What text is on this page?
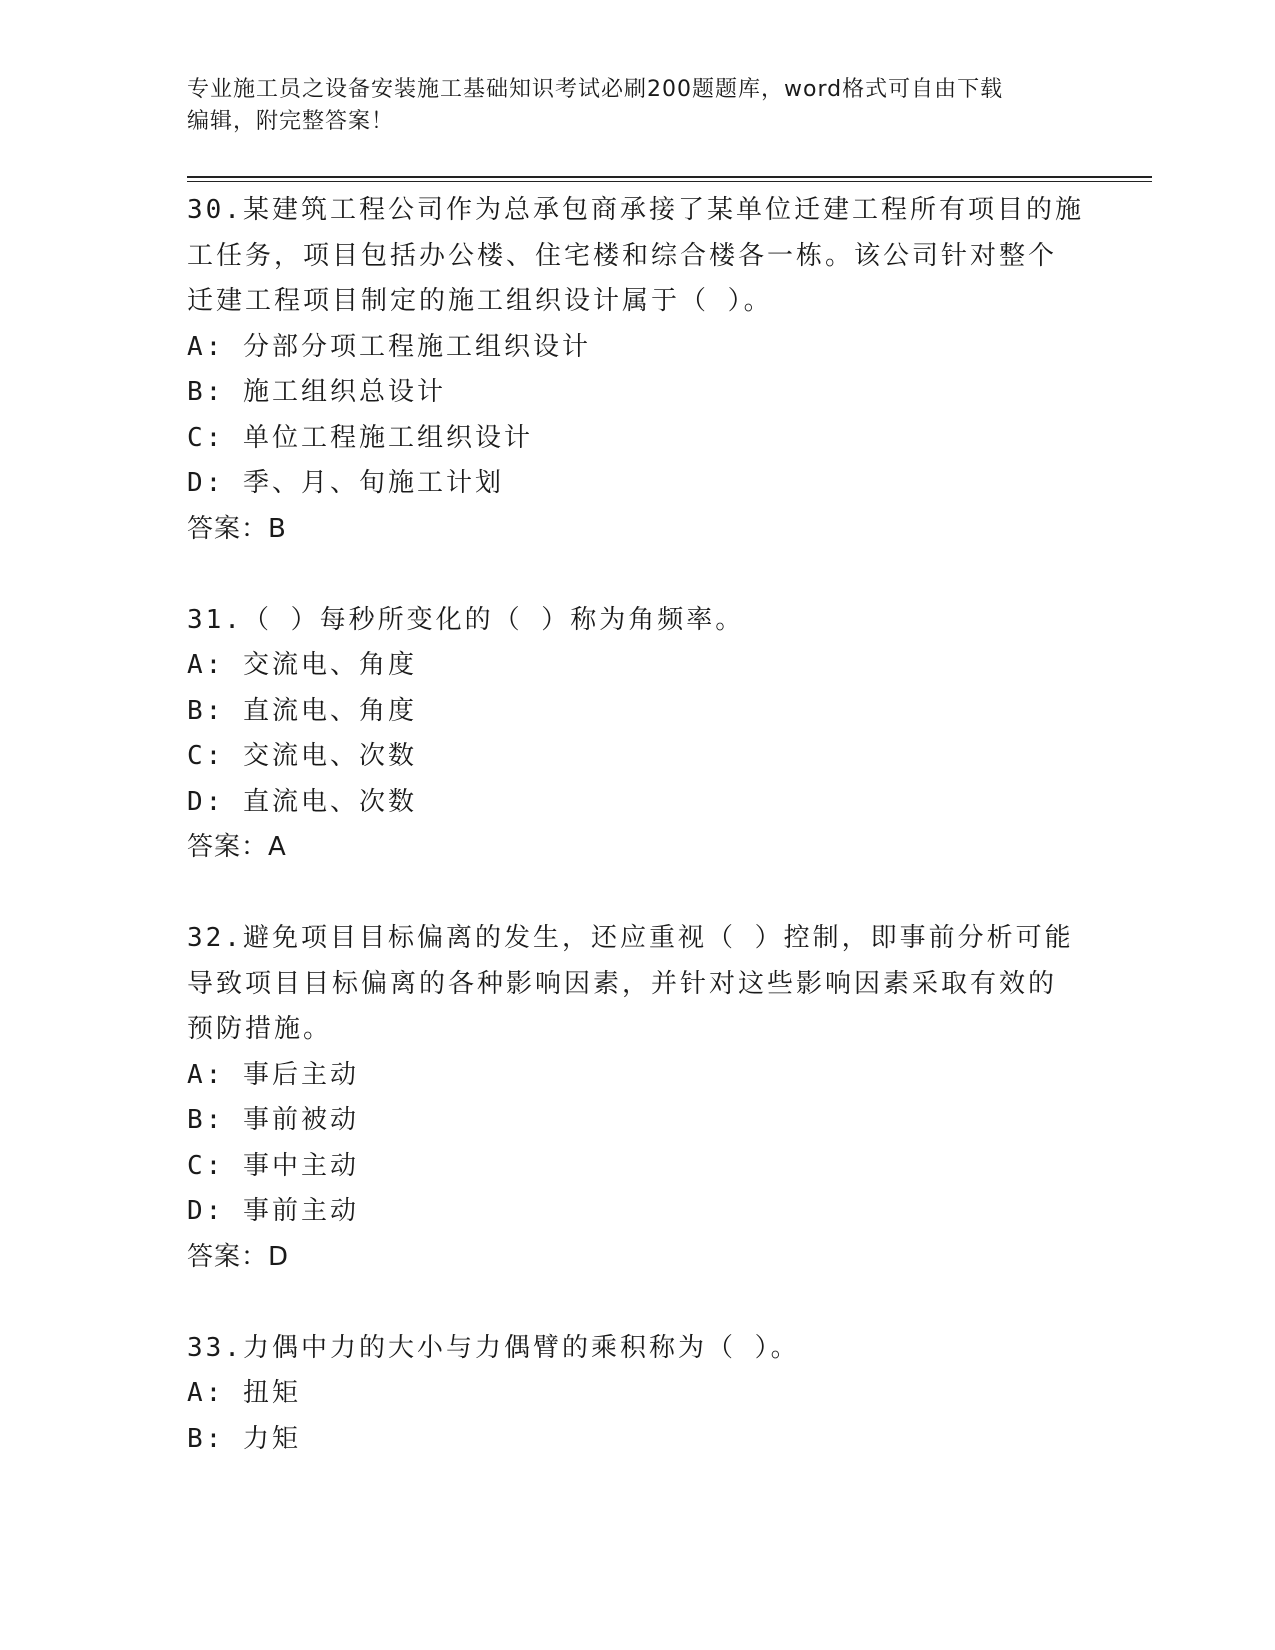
专业施工员之设备安装施工基础知识考试必刷200题题库，word格式可自由下载
编辑，附完整答案！
30.某建筑工程公司作为总承包商承接了某单位迁建工程所有项目的施
工任务，项目包括办公楼、住宅楼和综合楼各一栋。该公司针对整个
迁建工程项目制定的施工组织设计属于（ ）。
A: 分部分项工程施工组织设计
B: 施工组织总设计
C: 单位工程施工组织设计
D: 季、月、旬施工计划
答案：B
31.（ ）每秒所变化的（ ）称为角频率。
A: 交流电、角度
B: 直流电、角度
C: 交流电、次数
D: 直流电、次数
答案：A
32.避免项目目标偏离的发生，还应重视（ ）控制，即事前分析可能
导致项目目标偏离的各种影响因素，并针对这些影响因素采取有效的
预防措施。
A: 事后主动
B: 事前被动
C: 事中主动
D: 事前主动
答案：D
33.力偶中力的大小与力偶臂的乘积称为（ ）。
A: 扭矩
B: 力矩
